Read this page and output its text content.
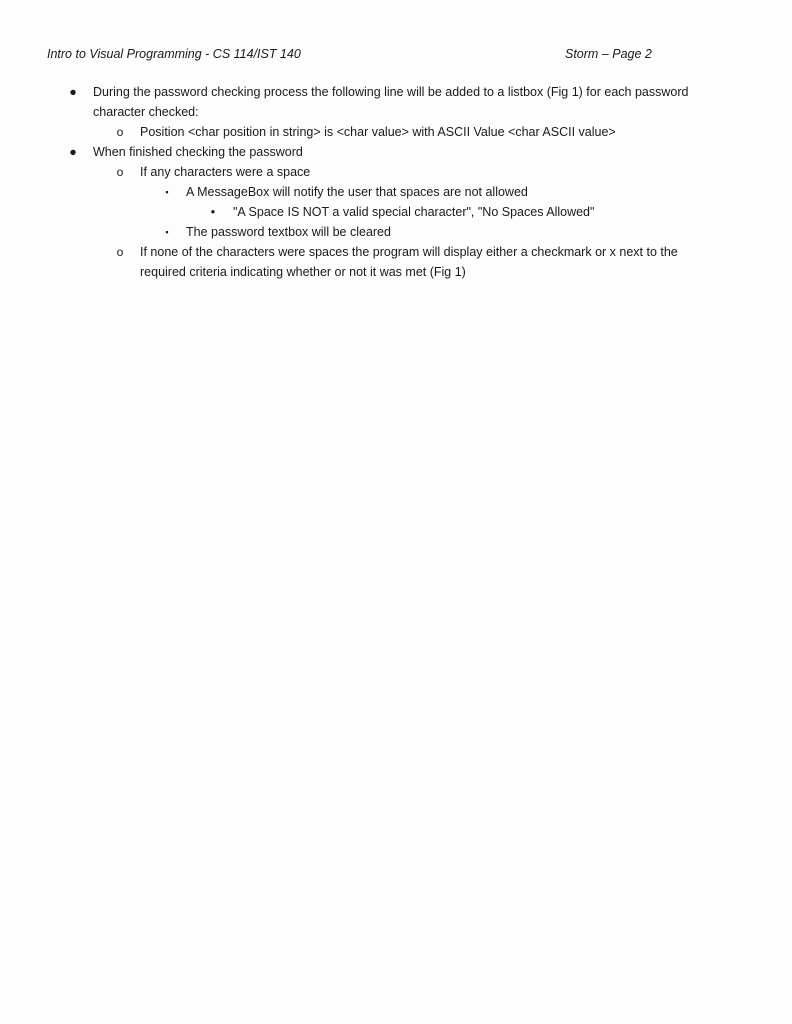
Intro to Visual Programming - CS 114/IST 140	Storm – Page 2
● During the password checking process the following line will be added to a listbox (Fig 1) for each password
character checked:
o Position <char position in string> is <char value> with ASCII Value <char ASCII value>
● When finished checking the password
o If any characters were a space
▪	A MessageBox will notify the user that spaces are not allowed
•	"A Space IS NOT a valid special character", "No Spaces Allowed"
▪	The password textbox will be cleared
o If none of the characters were spaces the program will display either a checkmark or x next to the
required criteria indicating whether or not it was met (Fig 1)
